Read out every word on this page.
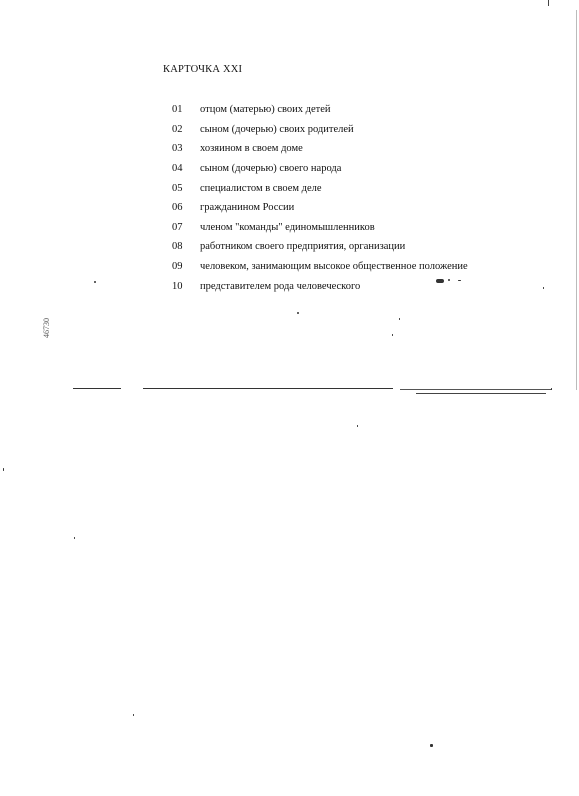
КАРТОЧКА XXI
01	отцом (матерью) своих детей
02	сыном (дочерью) своих родителей
03	хозяином в своем доме
04	сыном (дочерью) своего народа
05	специалистом в своем деле
06	гражданином России
07	членом "команды" единомышленников
08	работником своего предприятия, организации
09	человеком, занимающим высокое общественное положение
10	представителем рода человеческого
46730
